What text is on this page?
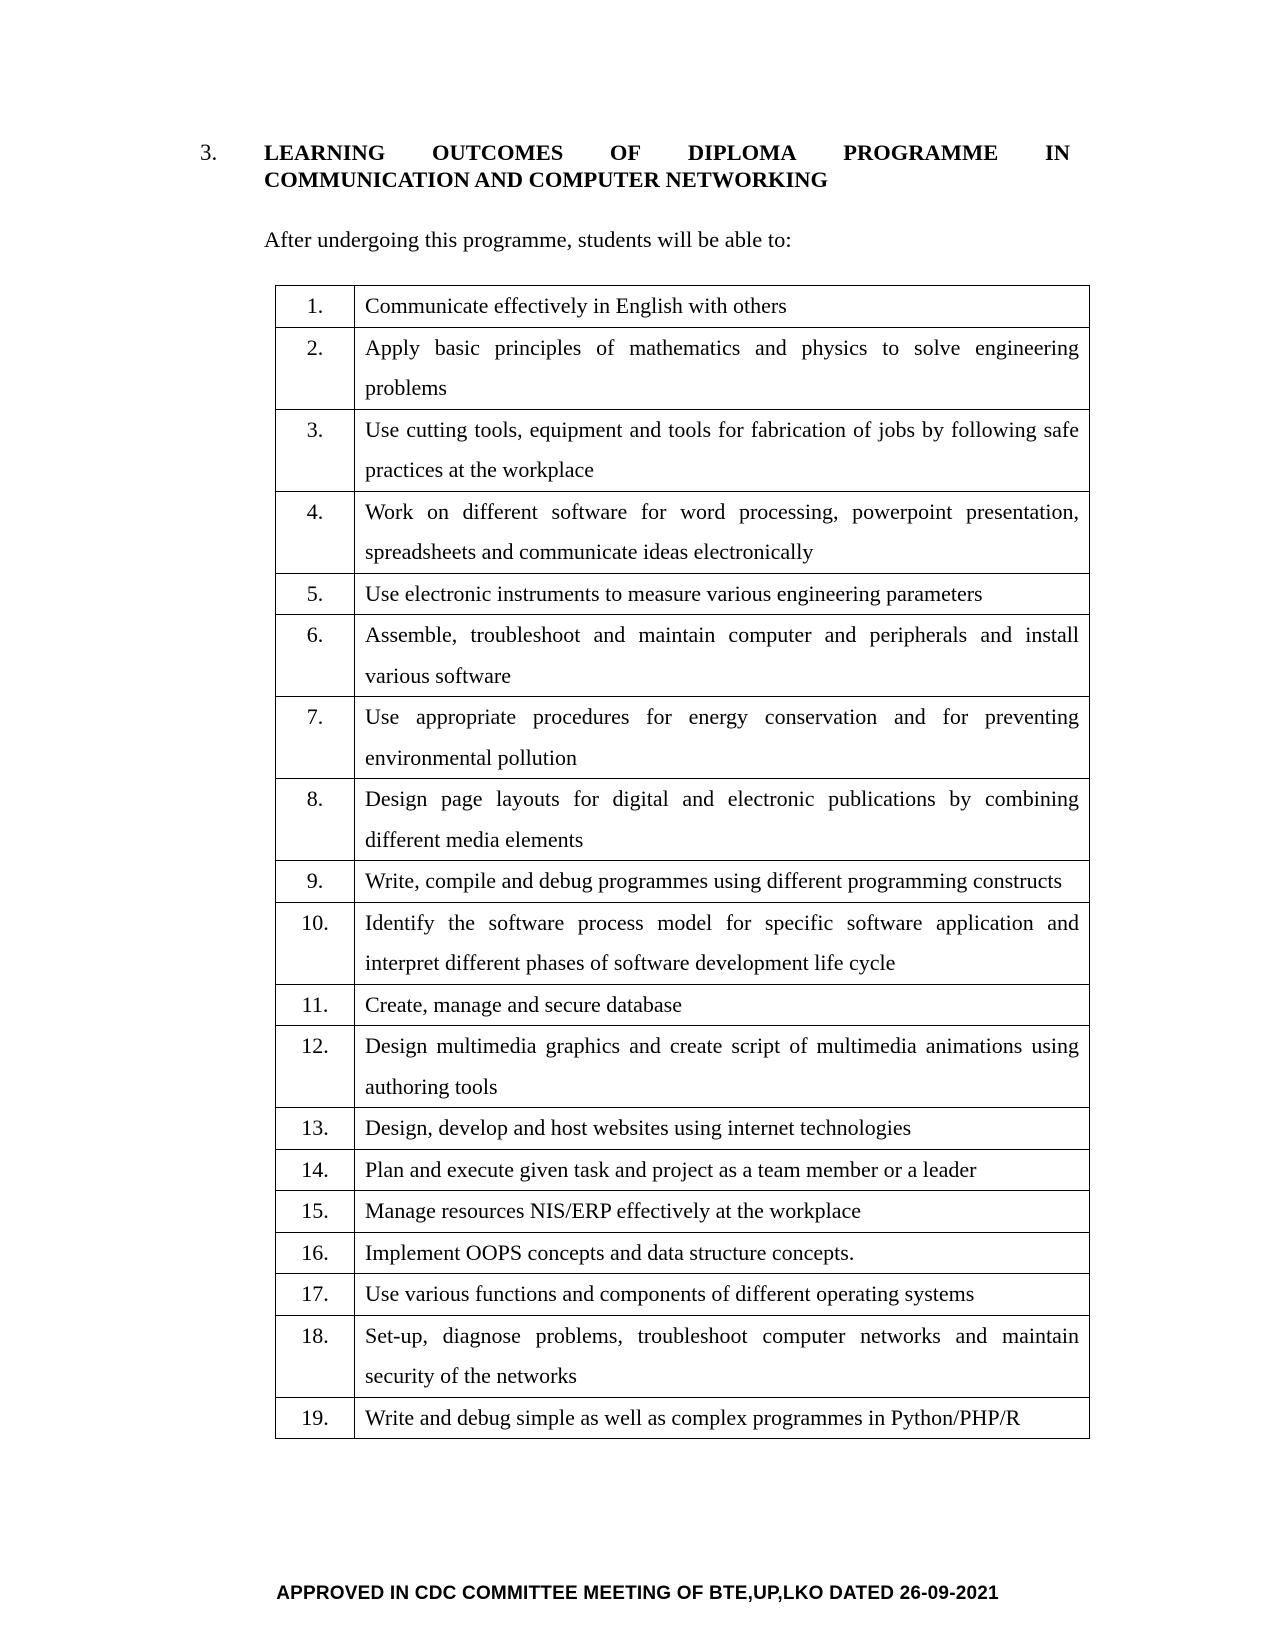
3. LEARNING OUTCOMES OF DIPLOMA PROGRAMME IN
COMMUNICATION AND COMPUTER NETWORKING
After undergoing this programme, students will be able to:
1.	Communicate effectively in English with others
2.	Apply basic principles of mathematics and physics to solve engineering problems
3.	Use cutting tools, equipment and tools for fabrication of jobs by following safe practices at the workplace
4.	Work on different software for word processing, powerpoint presentation, spreadsheets and communicate ideas electronically
5.	Use electronic instruments to measure various engineering parameters
6.	Assemble, troubleshoot and maintain computer and peripherals and install various software
7.	Use appropriate procedures for energy conservation and for preventing environmental pollution
8.	Design page layouts for digital and electronic publications by combining different media elements
9.	Write, compile and debug programmes using different programming constructs
10.	Identify the software process model for specific software application and interpret different phases of software development life cycle
11.	Create, manage and secure database
12.	Design multimedia graphics and create script of multimedia animations using authoring tools
13.	Design, develop and host websites using internet technologies
14.	Plan and execute given task and project as a team member or a leader
15.	Manage resources NIS/ERP effectively at the workplace
16.	Implement OOPS concepts and data structure concepts.
17.	Use various functions and components of different operating systems
18.	Set-up, diagnose problems, troubleshoot computer networks and maintain security of the networks
19.	Write and debug simple as well as complex programmes in Python/PHP/R
APPROVED IN CDC COMMITTEE MEETING OF BTE,UP,LKO DATED 26-09-2021
